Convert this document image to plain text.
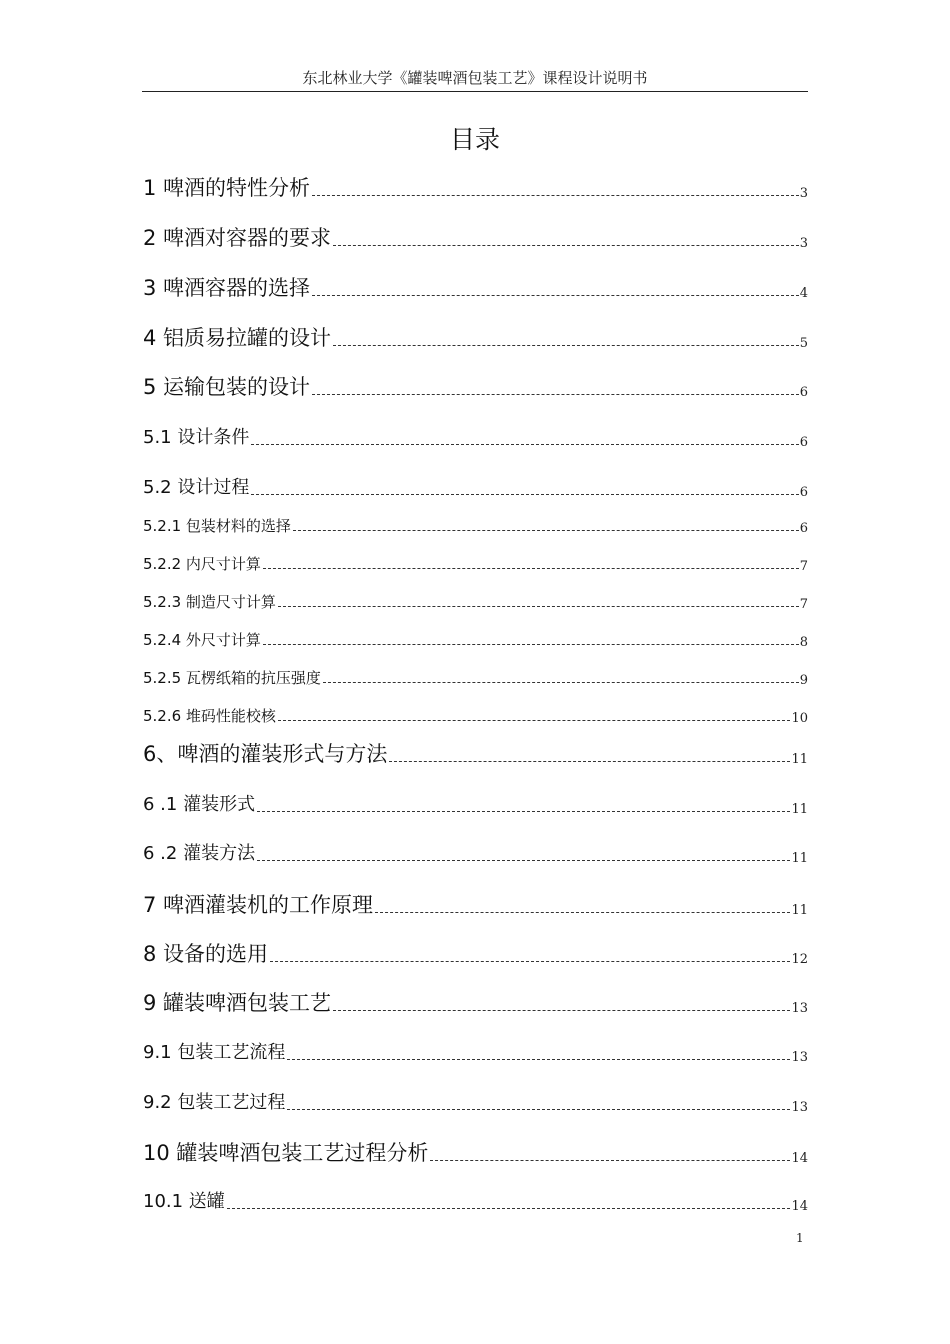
东北林业大学《罐装啤酒包装工艺》课程设计说明书
目录
1 啤酒的特性分析	3
2 啤酒对容器的要求	3
3 啤酒容器的选择	4
4 铝质易拉罐的设计	5
5 运输包装的设计	6
5.1 设计条件	6
5.2 设计过程	6
5.2.1 包装材料的选择	6
5.2.2 内尺寸计算	7
5.2.3 制造尺寸计算	7
5.2.4 外尺寸计算	8
5.2.5 瓦楞纸箱的抗压强度	9
5.2.6 堆码性能校核	10
6、啤酒的灌装形式与方法	11
6 .1 灌装形式	11
6 .2 灌装方法	11
7 啤酒灌装机的工作原理	11
8 设备的选用	12
9 罐装啤酒包装工艺	13
9.1 包装工艺流程	13
9.2 包装工艺过程	13
10 罐装啤酒包装工艺过程分析	14
10.1 送罐	14
1
